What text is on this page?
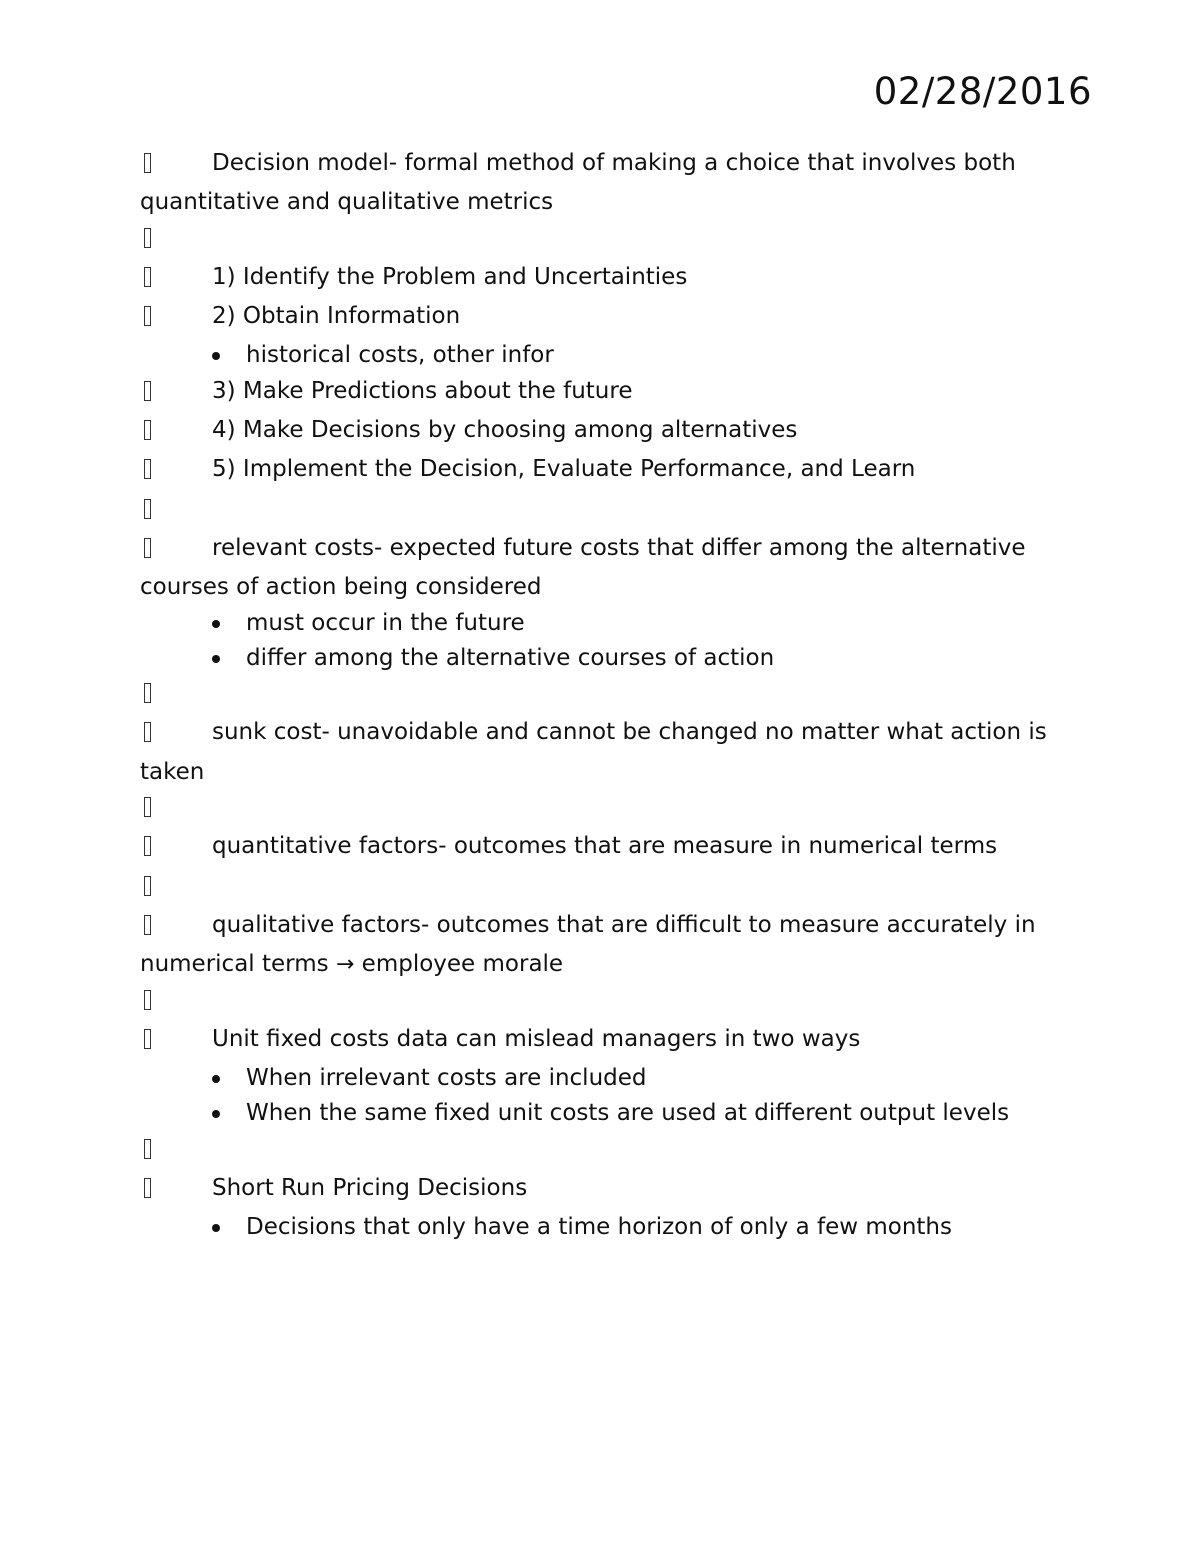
02/28/2016
Decision model- formal method of making a choice that involves both quantitative and qualitative metrics
1) Identify the Problem and Uncertainties
2) Obtain Information
historical costs, other infor
3) Make Predictions about the future
4) Make Decisions by choosing among alternatives
5) Implement the Decision, Evaluate Performance, and Learn
relevant costs- expected future costs that differ among the alternative courses of action being considered
must occur in the future
differ among the alternative courses of action
sunk cost- unavoidable and cannot be changed no matter what action is taken
quantitative factors- outcomes that are measure in numerical terms
qualitative factors- outcomes that are difficult to measure accurately in numerical terms → employee morale
Unit fixed costs data can mislead managers in two ways
When irrelevant costs are included
When the same fixed unit costs are used at different output levels
Short Run Pricing Decisions
Decisions that only have a time horizon of only a few months
